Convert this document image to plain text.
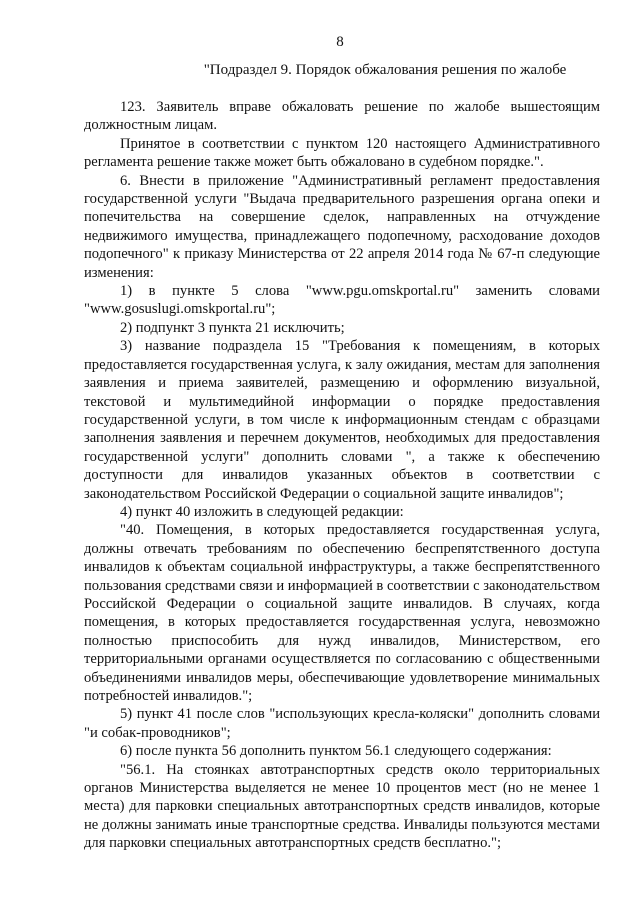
8
"Подраздел 9. Порядок обжалования решения по жалобе

123. Заявитель вправе обжаловать решение по жалобе вышестоящим должностным лицам.

Принятое в соответствии с пунктом 120 настоящего Административного регламента решение также может быть обжаловано в судебном порядке.".

6. Внести в приложение "Административный регламент предоставления государственной услуги "Выдача предварительного разрешения органа опеки и попечительства на совершение сделок, направленных на отчуждение недвижимого имущества, принадлежащего подопечному, расходование доходов подопечного" к приказу Министерства от 22 апреля 2014 года № 67-п следующие изменения:

1) в пункте 5 слова "www.pgu.omskportal.ru" заменить словами "www.gosuslugi.omskportal.ru";

2) подпункт 3 пункта 21 исключить;

3) название подраздела 15 "Требования к помещениям, в которых предоставляется государственная услуга, к залу ожидания, местам для заполнения заявления и приема заявителей, размещению и оформлению визуальной, текстовой и мультимедийной информации о порядке предоставления государственной услуги, в том числе к информационным стендам с образцами заполнения заявления и перечнем документов, необходимых для предоставления государственной услуги" дополнить словами ", а также к обеспечению доступности для инвалидов указанных объектов в соответствии с законодательством Российской Федерации о социальной защите инвалидов";

4) пункт 40 изложить в следующей редакции:

"40. Помещения, в которых предоставляется государственная услуга, должны отвечать требованиям по обеспечению беспрепятственного доступа инвалидов к объектам социальной инфраструктуры, а также беспрепятственного пользования средствами связи и информацией в соответствии с законодательством Российской Федерации о социальной защите инвалидов. В случаях, когда помещения, в которых предоставляется государственная услуга, невозможно полностью приспособить для нужд инвалидов, Министерством, его территориальными органами осуществляется по согласованию с общественными объединениями инвалидов меры, обеспечивающие удовлетворение минимальных потребностей инвалидов.";

5) пункт 41 после слов "использующих кресла-коляски" дополнить словами "и собак-проводников";

6) после пункта 56 дополнить пунктом 56.1 следующего содержания:

"56.1. На стоянках автотранспортных средств около территориальных органов Министерства выделяется не менее 10 процентов мест (но не менее 1 места) для парковки специальных автотранспортных средств инвалидов, которые не должны занимать иные транспортные средства. Инвалиды пользуются местами для парковки специальных автотранспортных средств бесплатно.";
